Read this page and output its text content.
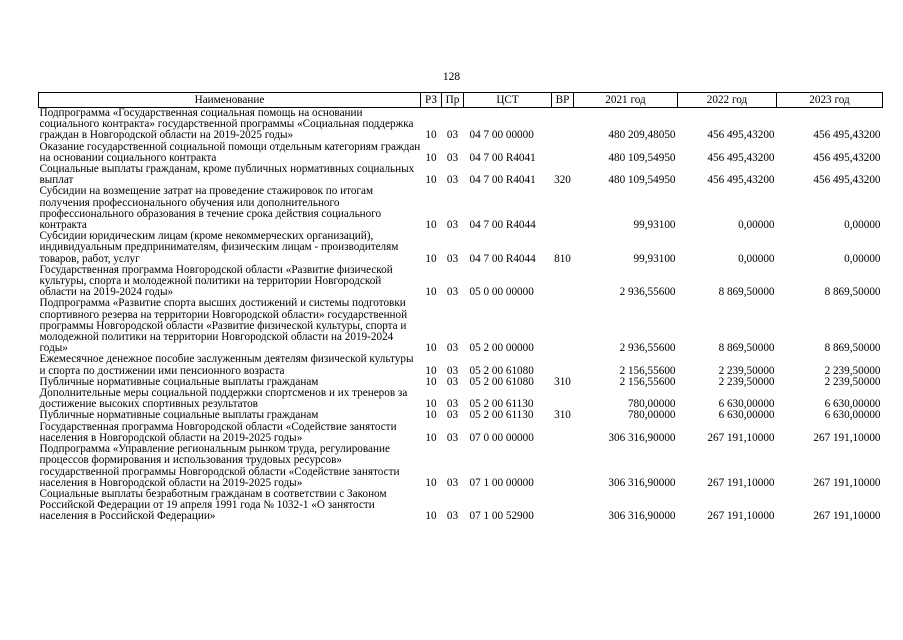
128
Наименование	РЗ	Пр	ЦСТ	ВР	2021 год	2022 год	2023 год
Подпрограмма «Государственная социальная помощь на основании социального контракта» государственной программы «Социальная поддержка граждан в Новгородской области на 2019-2025 годы»	10	03	04 7 00 00000		480 209,48050	456 495,43200	456 495,43200
Оказание государственной социальной помощи отдельным категориям граждан на основании социального контракта	10	03	04 7 00 R4041		480 109,54950	456 495,43200	456 495,43200
Социальные выплаты гражданам, кроме публичных нормативных социальных выплат	10	03	04 7 00 R4041	320	480 109,54950	456 495,43200	456 495,43200
Субсидии на возмещение затрат на проведение стажировок по итогам получения профессионального обучения или дополнительного профессионального образования в течение срока действия социального контракта	10	03	04 7 00 R4044		99,93100	0,00000	0,00000
Субсидии юридическим лицам (кроме некоммерческих организаций), индивидуальным предпринимателям, физическим лицам - производителям товаров, работ, услуг	10	03	04 7 00 R4044	810	99,93100	0,00000	0,00000
Государственная программа Новгородской области «Развитие физической культуры, спорта и молодежной политики на территории Новгородской области на 2019-2024 годы»	10	03	05 0 00 00000		2 936,55600	8 869,50000	8 869,50000
Подпрограмма «Развитие спорта высших достижений и системы подготовки спортивного резерва на территории Новгородской области» государственной программы Новгородской области «Развитие физической культуры, спорта и молодежной политики на территории Новгородской области на 2019-2024 годы»	10	03	05 2 00 00000		2 936,55600	8 869,50000	8 869,50000
Ежемесячное денежное пособие заслуженным деятелям физической культуры и спорта по достижении ими пенсионного возраста	10	03	05 2 00 61080		2 156,55600	2 239,50000	2 239,50000
Публичные нормативные социальные выплаты гражданам	10	03	05 2 00 61080	310	2 156,55600	2 239,50000	2 239,50000
Дополнительные меры социальной поддержки спортсменов и их тренеров за достижение высоких спортивных результатов	10	03	05 2 00 61130		780,00000	6 630,00000	6 630,00000
Публичные нормативные социальные выплаты гражданам	10	03	05 2 00 61130	310	780,00000	6 630,00000	6 630,00000
Государственная программа Новгородской области «Содействие занятости населения в Новгородской области на 2019-2025 годы»	10	03	07 0 00 00000		306 316,90000	267 191,10000	267 191,10000
Подпрограмма «Управление региональным рынком труда, регулирование процессов формирования и использования трудовых ресурсов» государственной программы Новгородской области «Содействие занятости населения в Новгородской области на 2019-2025 годы»	10	03	07 1 00 00000		306 316,90000	267 191,10000	267 191,10000
Социальные выплаты безработным гражданам в соответствии с Законом Российской Федерации от 19 апреля 1991 года № 1032-1 «О занятости населения в Российской Федерации»	10	03	07 1 00 52900		306 316,90000	267 191,10000	267 191,10000
